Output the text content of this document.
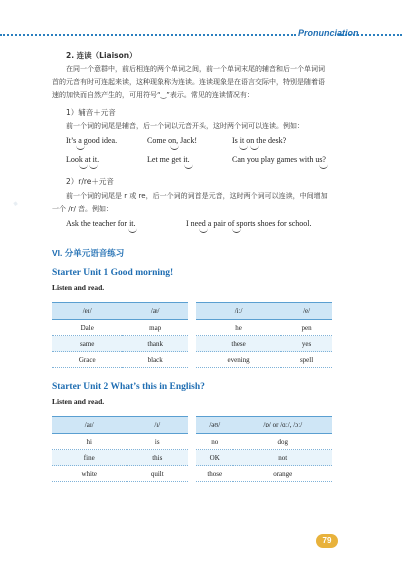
.
Pronunciation
2. 连读（Liaison）
在同一个意群中，前后相连的两个单词之间，前一个单词末尾的辅音和后一个单词词
首的元音有时可连起来读，这种现象称为连读。连读现象是在语言交际中，特别是随着语
速的加快而自然产生的，可用符号“‿”表示。常见的连读情况有：
1）辅音＋元音
前一个词的词尾是辅音，后一个词以元音开头，这时两个词可以连读。例如：
It’s a good idea.	Come on, Jack!	Is it on the desk?
Look at it.	Let me get it.	Can you play games with us?
2）r/re＋元音
前一个词的词尾是 r 或 re，后一个词的词首是元音，这时两个词可以连读，中间增加
一个 /r/ 音。例如：
Ask the teacher for it.	I need a pair of sports shoes for school.
VI. 分单元语音练习
Starter Unit 1 Good morning!
Listen and read.
/eɪ/	/æ/
Dale	map
same	thank
Grace	black
/iː/	/e/
he	pen
these	yes
evening	spell
Starter Unit 2 What’s this in English?
Listen and read.
/aɪ/	/ɪ/
hi	is
fine	this
white	quilt
/əʊ/	/ɒ/ or /ɑː/, /ɔː/
no	dog
OK	not
those	orange
79
